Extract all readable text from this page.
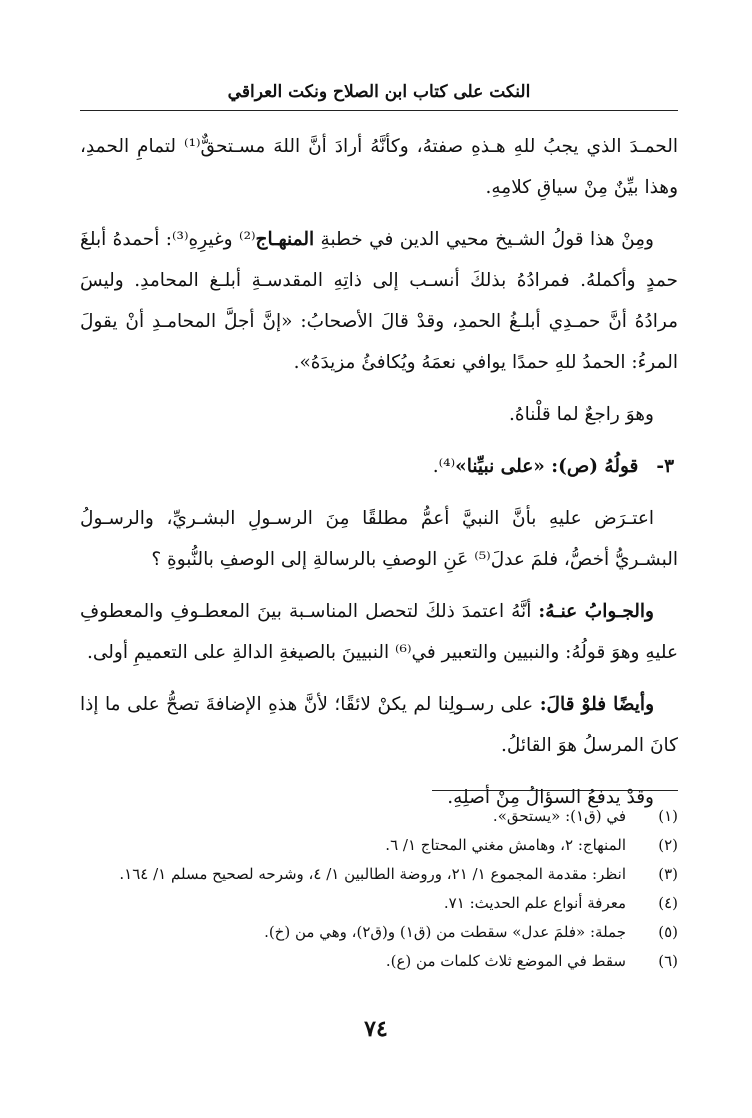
النكت على كتاب ابن الصلاح ونكت العراقي

الحمـدَ الذي يجبُ للهِ هـذهِ صفتهُ، وكأنَّهُ أرادَ أنَّ اللهَ مسـتحقٌّ⁽¹⁾ لتمامِ الحمدِ، وهذا بيِّنٌ مِنْ سياقِ كلامِهِ.

ومِنْ هذا قولُ الشـيخ محيي الدين في خطبةِ المنهـاج⁽²⁾ وغيرِهِ⁽³⁾: أحمدهُ أبلغَ حمدٍ وأكملهُ. فمرادُهُ بذلكَ أنسـب إلى ذاتِهِ المقدسـةِ أبلـغ المحامدِ. وليسَ مرادُهُ أنَّ حمـدِي أبلـغُ الحمدِ، وقدْ قالَ الأصحابُ: «إنَّ أجلَّ المحامـدِ أنْ يقولَ المرءُ: الحمدُ للهِ حمدًا يوافي نعمَهُ ويُكافئُ مزيدَهُ».

وهوَ راجعٌ لما قلْناهُ.

٣-قولُهُ (ص): «على نبيِّنا»⁽⁴⁾.

اعتـرَض عليهِ بأنَّ النبيَّ أعمُّ مطلقًا مِنَ الرسـولِ البشـريِّ، والرسـولُ البشـريُّ أخصُّ، فلمَ عدلَ⁽⁵⁾ عَنِ الوصفِ بالرسالةِ إلى الوصفِ بالنُّبوةِ ؟

والجـوابُ عنـهُ: أنَّهُ اعتمدَ ذلكَ لتحصل المناسـبة بينَ المعطـوفِ والمعطوفِ عليهِ وهوَ قولُهُ: والنبيين والتعبير في⁽⁶⁾ النبيينَ بالصيغةِ الدالةِ على التعميمِ أولى.

وأيضًا فلوْ قالَ: على رسـولِنا لم يكنْ لائقًا؛ لأنَّ هذهِ الإضافةَ تصحُّ على ما إذا كانَ المرسلُ هوَ القائلُ.

وقدْ يدفعُ السؤالُ مِنْ أصلِهِ.

(١)
في (ق١): «يستحق».
(٢)
المنهاج: ٢، وهامش مغني المحتاج ١/ ٦.
(٣)
انظر: مقدمة المجموع ١/ ٢١، وروضة الطالبين ١/ ٤، وشرحه لصحيح مسلم ١/ ١٦٤.
(٤)
معرفة أنواع علم الحديث: ٧١.
(٥)
جملة: «فلمَ عدل» سقطت من (ق١) و(ق٢)، وهي من (خ).
(٦)
سقط في الموضع ثلاث كلمات من (ع).
٧٤
